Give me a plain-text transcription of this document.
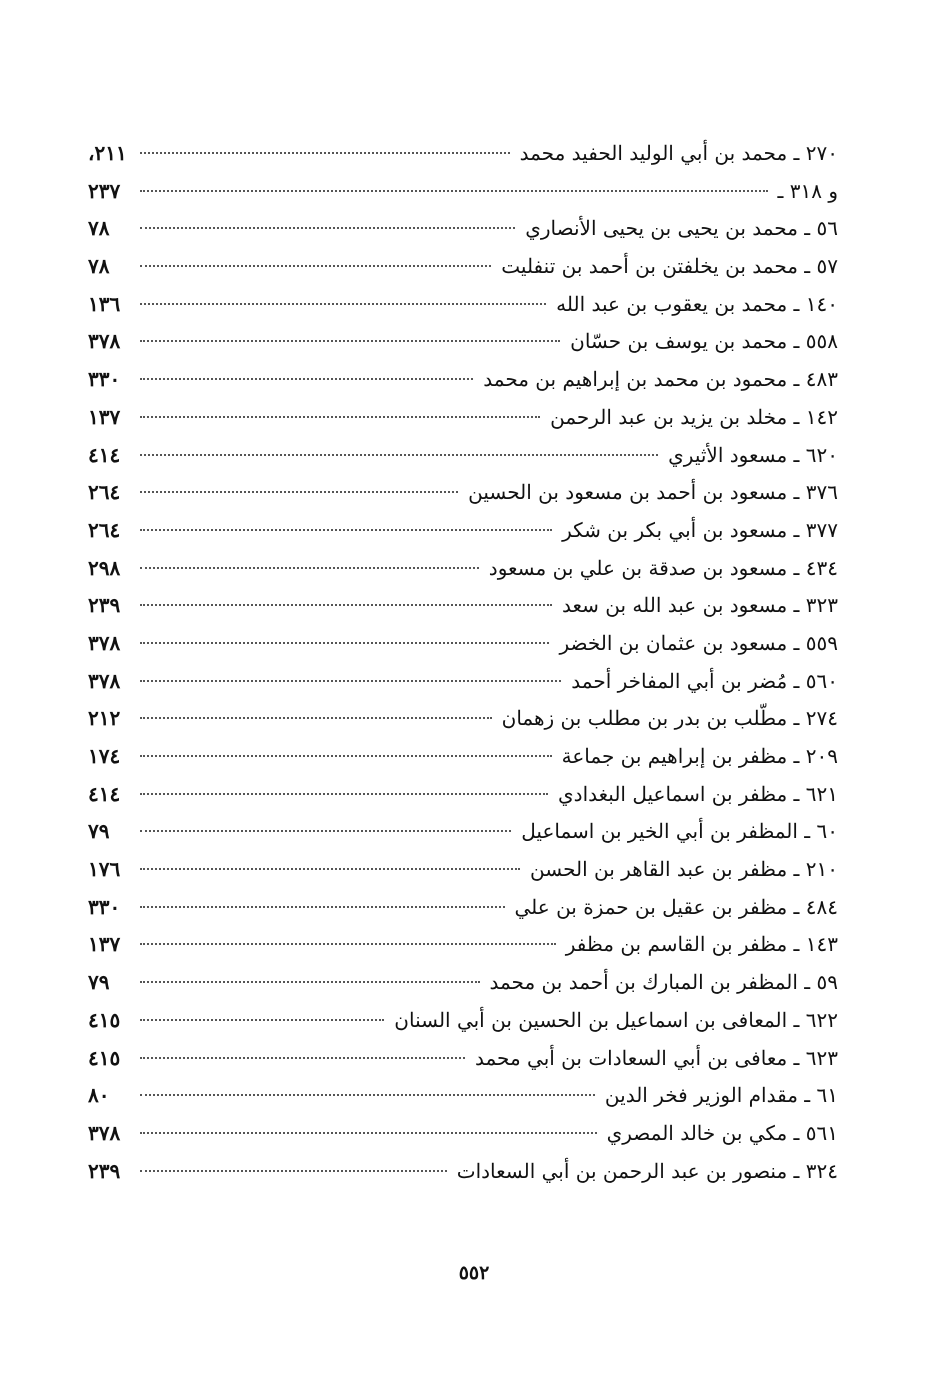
٢٧٠ ـ محمد بن أبي الوليد الحفيد محمد
٢١١،
و ٣١٨ ـ
٢٣٧
٥٦ ـ محمد بن يحيى بن يحيى الأنصاري
٧٨
٥٧ ـ محمد بن يخلفتن بن أحمد بن تنفليت
٧٨
١٤٠ ـ محمد بن يعقوب بن عبد الله
١٣٦
٥٥٨ ـ محمد بن يوسف بن حسّان
٣٧٨
٤٨٣ ـ محمود بن محمد بن إبراهيم بن محمد
٣٣٠
١٤٢ ـ مخلد بن يزيد بن عبد الرحمن
١٣٧
٦٢٠ ـ مسعود الأثيري
٤١٤
٣٧٦ ـ مسعود بن أحمد بن مسعود بن الحسين
٢٦٤
٣٧٧ ـ مسعود بن أبي بكر بن شكر
٢٦٤
٤٣٤ ـ مسعود بن صدقة بن علي بن مسعود
٢٩٨
٣٢٣ ـ مسعود بن عبد الله بن سعد
٢٣٩
٥٥٩ ـ مسعود بن عثمان بن الخضر
٣٧٨
٥٦٠ ـ مُضر بن أبي المفاخر أحمد
٣٧٨
٢٧٤ ـ مطّلب بن بدر بن مطلب بن زهمان
٢١٢
٢٠٩ ـ مظفر بن إبراهيم بن جماعة
١٧٤
٦٢١ ـ مظفر بن اسماعيل البغدادي
٤١٤
٦٠ ـ المظفر بن أبي الخير بن اسماعيل
٧٩
٢١٠ ـ مظفر بن عبد القاهر بن الحسن
١٧٦
٤٨٤ ـ مظفر بن عقيل بن حمزة بن علي
٣٣٠
١٤٣ ـ مظفر بن القاسم بن مظفر
١٣٧
٥٩ ـ المظفر بن المبارك بن أحمد بن محمد
٧٩
٦٢٢ ـ المعافى بن اسماعيل بن الحسين بن أبي السنان
٤١٥
٦٢٣ ـ معافى بن أبي السعادات بن أبي محمد
٤١٥
٦١ ـ مقدام الوزير فخر الدين
٨٠
٥٦١ ـ مكي بن خالد المصري
٣٧٨
٣٢٤ ـ منصور بن عبد الرحمن بن أبي السعادات
٢٣٩
٥٥٢
